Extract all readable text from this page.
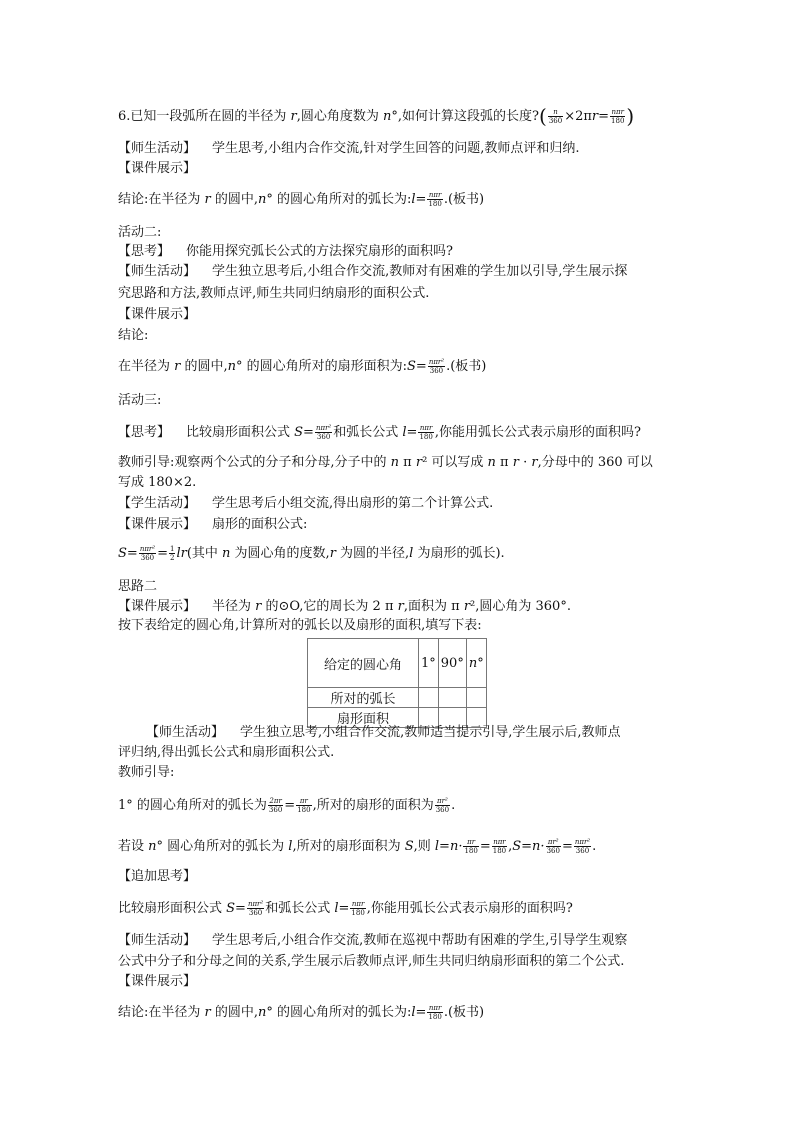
6.已知一段弧所在圆的半径为 r,圆心角度数为 n°,如何计算这段弧的长度?( $\frac{n}{360} \times 2\pi r= \frac{\text{nπr}}{180}$ )
【师生活动】 学生思考,小组内合作交流,针对学生回答的问题,教师点评和归纳.
【课件展示】
结论:在半径为 r 的圆中,n° 的圆心角所对的弧长为:l= $\frac{\text{nπr}}{180}$ .(板书)
活动二:
【思考】 你能用探究弧长公式的方法探究扇形的面积吗?
【师生活动】 学生独立思考后,小组合作交流,教师对有困难的学生加以引导,学生展示探
究思路和方法,教师点评,师生共同归纳扇形的面积公式.
【课件展示】
结论:
在半径为 r 的圆中,n° 的圆心角所对的扇形面积为:S= $\frac{\text{nπr²}}{360}$ .(板书)
活动三:
【思考】 比较扇形面积公式 $S= \frac{\text{nπr²}}{360}$ 和弧长公式 $l= \frac{\text{nπr}}{180}$ ,你能用弧长公式表示扇形的面积吗?
教师引导:观察两个公式的分子和分母,分子中的 n π r² 可以写成 n π r · r,分母中的 360 可以
写成 180×2.
【学生活动】 学生思考后小组交流,得出扇形的第二个计算公式.
【课件展示】 扇形的面积公式:
$S= \frac{\text{nπr²}}{360} = \frac{1}{2} lr$(其中 n 为圆心角的度数,r 为圆的半径,l 为扇形的弧长).
思路二
【课件展示】 半径为 r 的⊙O,它的周长为 2 π r,面积为 π r²,圆心角为 360°.
按下表给定的圆心角,计算所对的弧长以及扇形的面积,填写下表:
给定的圆心角	1°	90°	n°
所对的弧长			
扇形面积			
【师生活动】 学生独立思考,小组合作交流,教师适当提示引导,学生展示后,教师点
评归纳,得出弧长公式和扇形面积公式.
教师引导:
1° 的圆心角所对的弧长为 $\frac{2\pi r}{360} = \frac{\pi r}{180}$ ,所对的扇形的面积为 $\frac{\text{πr²}}{360}$ .
若设 n° 圆心角所对的弧长为 l,所对的扇形面积为 S,则 $l=n\cdot \frac{\pi r}{180} = \frac{\text{nπr}}{180} ,S=n\cdot \frac{\text{πr²}}{360} = \frac{\text{nπr²}}{360}$ .
【追加思考】
比较扇形面积公式 $S= \frac{\text{nπr²}}{360}$ 和弧长公式 $l= \frac{\text{nπr}}{180}$ ,你能用弧长公式表示扇形的面积吗?
【师生活动】 学生思考后,小组合作交流,教师在巡视中帮助有困难的学生,引导学生观察
公式中分子和分母之间的关系,学生展示后教师点评,师生共同归纳扇形面积的第二个公式.
【课件展示】
结论:在半径为 r 的圆中,n° 的圆心角所对的弧长为:l= $\frac{\text{nπr}}{180}$ .(板书)
